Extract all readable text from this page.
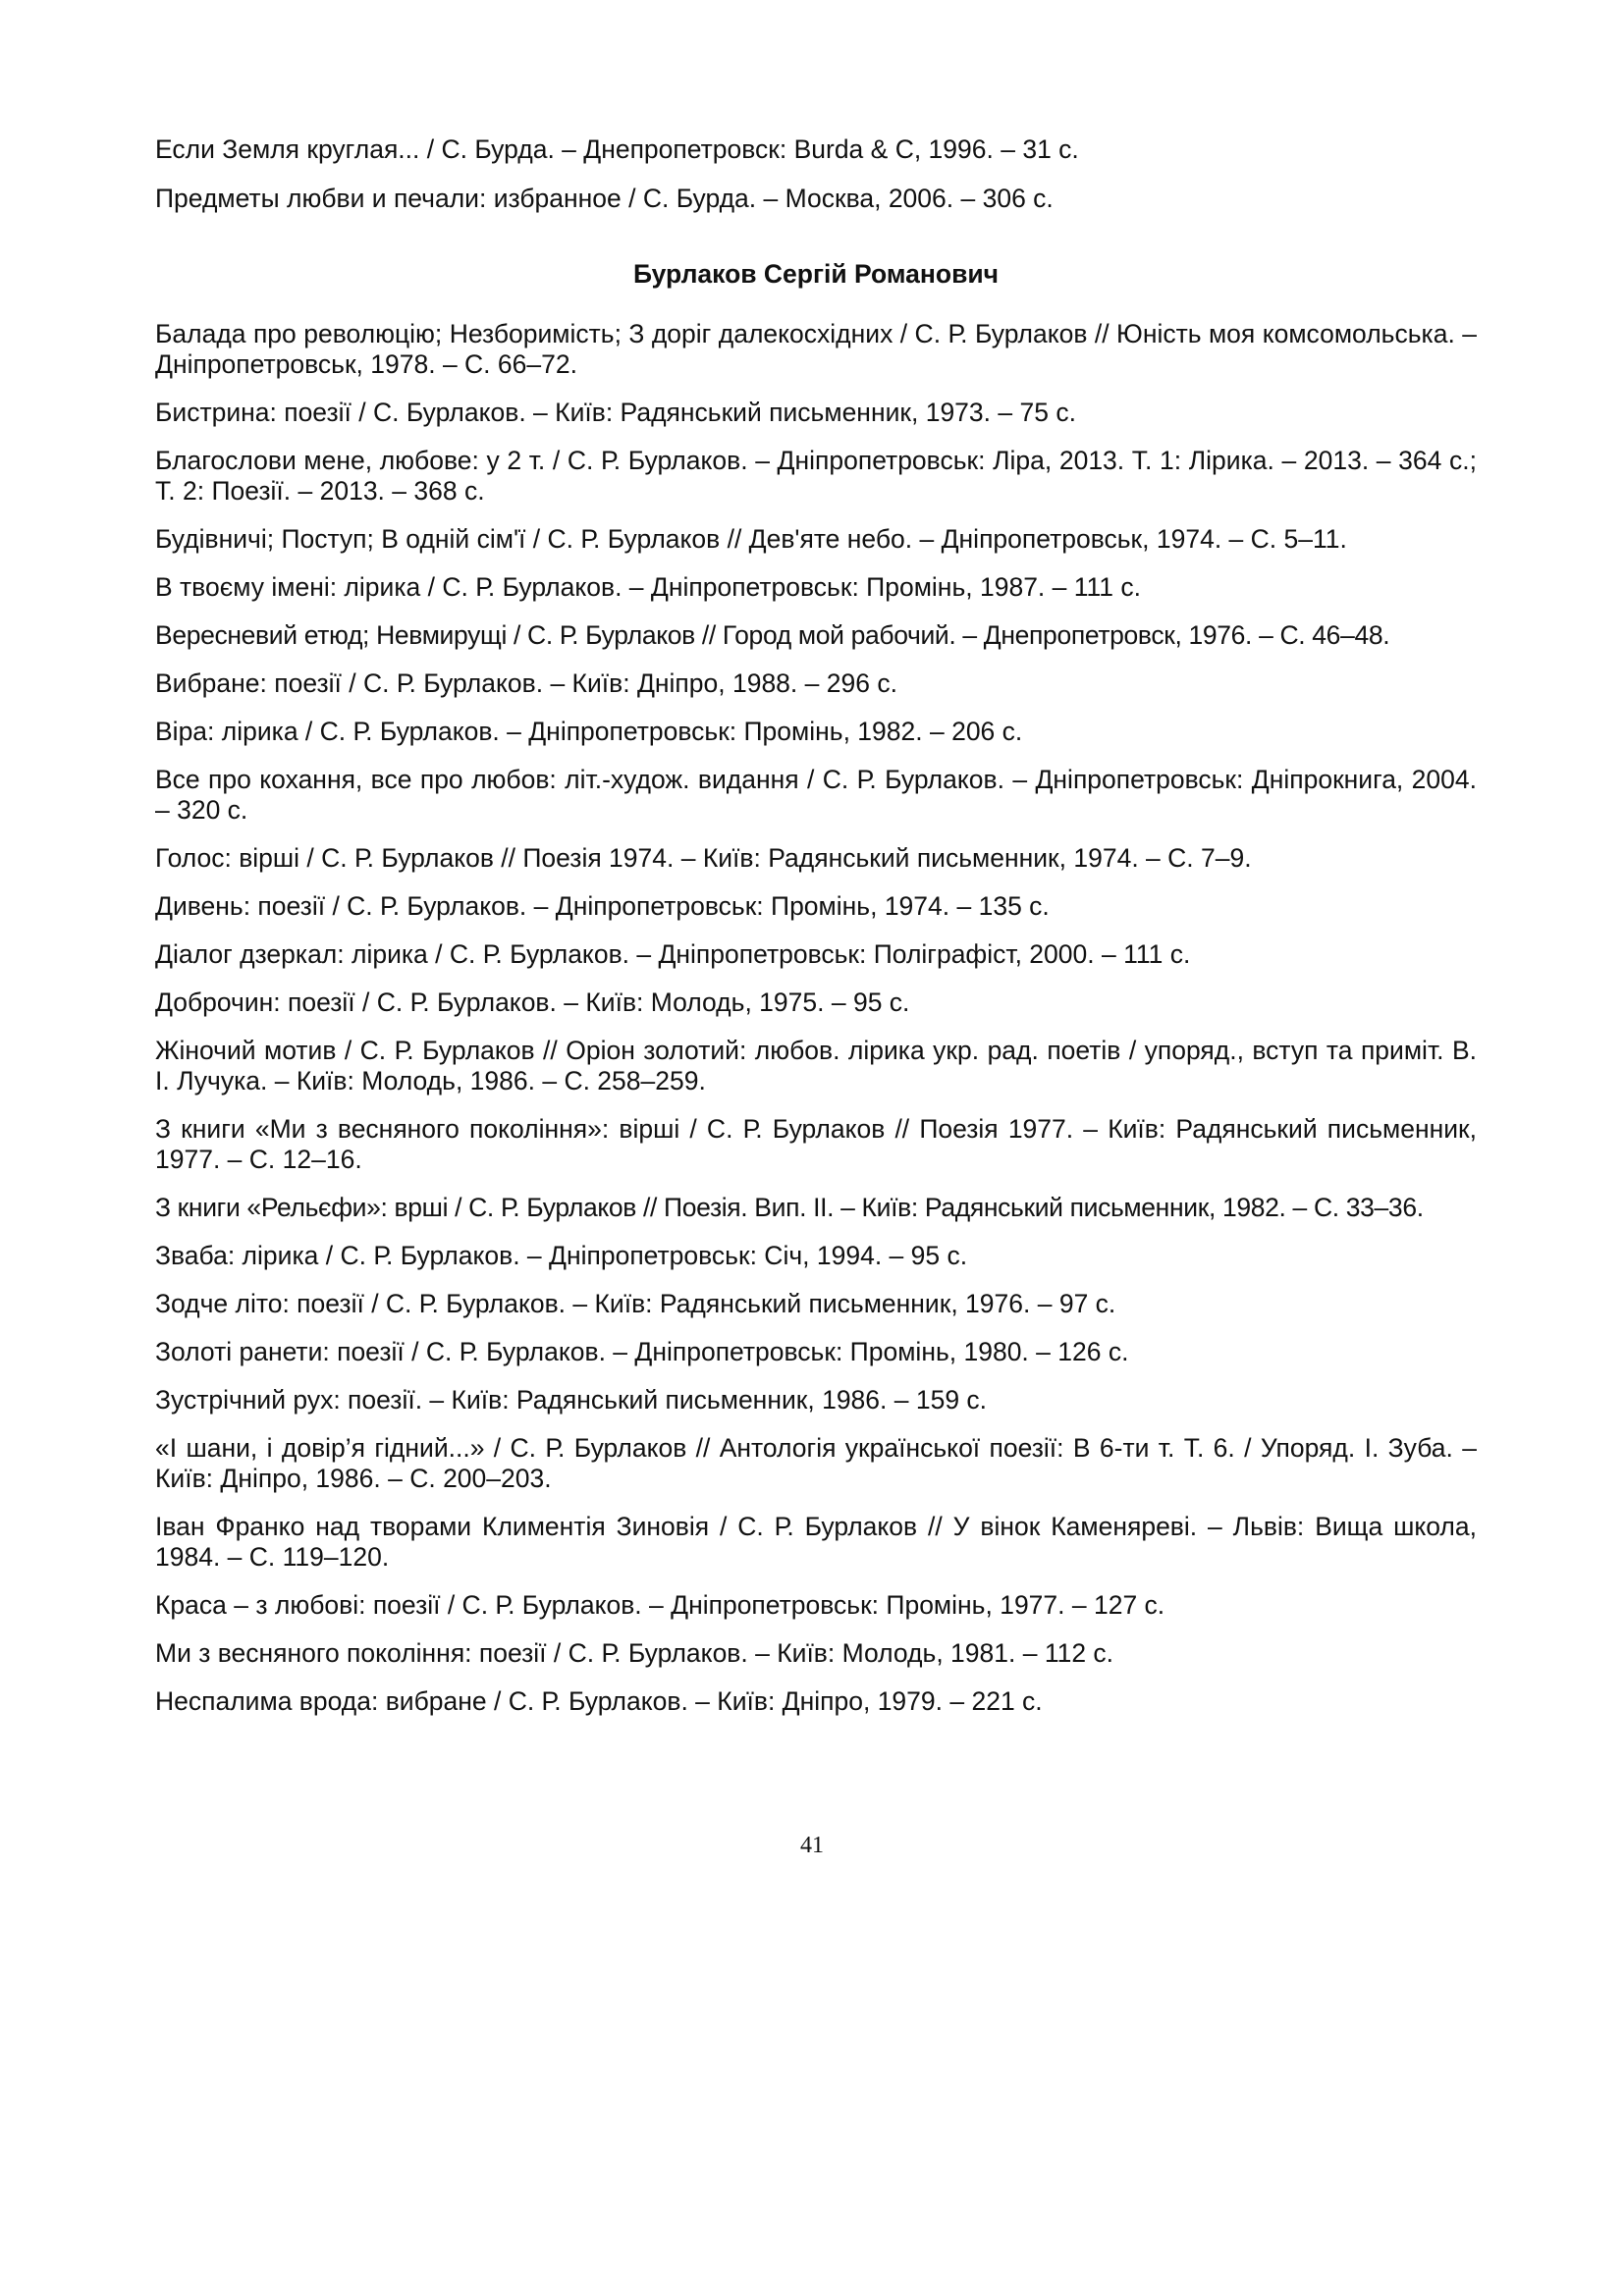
Если Земля круглая... / С. Бурда. – Днепропетровск: Burda & C, 1996. – 31 с.

Предметы любви и печали: избранное / С. Бурда. – Москва, 2006. – 306 с.

Бурлаков Сергій Романович

Балада про революцію; Незборимість; З доріг далекосхідних / С. Р. Бурлаков // Юність моя комсомольська. – Дніпропетровськ, 1978. – С. 66–72.

Бистрина: поезії / С. Бурлаков. – Київ: Радянський письменник, 1973. – 75 с.

Благослови мене, любове: у 2 т. / С. Р. Бурлаков. – Дніпропетровськ: Ліра, 2013. Т. 1: Лірика. – 2013. – 364 с.; Т. 2: Поезії. – 2013. – 368 с.

Будівничі; Поступ; В одній сім'ї / С. Р. Бурлаков // Дев'яте небо. – Дніпропетровськ, 1974. – С. 5–11.

В твоєму імені: лірика / С. Р. Бурлаков. – Дніпропетровськ: Промінь, 1987. – 111 с.

Вересневий етюд; Невмирущі / С. Р. Бурлаков // Город мой рабочий. – Днепропетровск, 1976. – С. 46–48.

Вибране: поезії / С. Р. Бурлаков. – Київ: Дніпро, 1988. – 296 с.

Віра: лірика / С. Р. Бурлаков. – Дніпропетровськ: Промінь, 1982. – 206 с.

Все про кохання, все про любов: літ.-худож. видання / С. Р. Бурлаков. – Дніпропетровськ: Дніпрокнига, 2004. – 320 с.

Голос: вірші / С. Р. Бурлаков // Поезія 1974. – Київ: Радянський письменник, 1974. – С. 7–9.

Дивень: поезії / С. Р. Бурлаков. – Дніпропетровськ: Промінь, 1974. – 135 с.

Діалог дзеркал: лірика / С. Р. Бурлаков. – Дніпропетровськ: Поліграфіст, 2000. – 111 с.

Доброчин: поезії / С. Р. Бурлаков. – Київ: Молодь, 1975. – 95 с.

Жіночий мотив / С. Р. Бурлаков // Оріон золотий: любов. лірика укр. рад. поетів / упоряд., вступ та приміт. В. І. Лучука. – Київ: Молодь, 1986. – С. 258–259.

З книги «Ми з весняного покоління»: вірші / С. Р. Бурлаков // Поезія 1977. – Київ: Радянський письменник, 1977. – С. 12–16.

З книги «Рельєфи»: врші / С. Р. Бурлаков // Поезія. Вип. ІІ. – Київ: Радянський письменник, 1982. – С. 33–36.

Зваба: лірика / С. Р. Бурлаков. – Дніпропетровськ: Січ, 1994. – 95 с.

Зодче літо: поезії / С. Р. Бурлаков. – Київ: Радянський письменник, 1976. – 97 с.

Золоті ранети: поезії / С. Р. Бурлаков. – Дніпропетровськ: Промінь, 1980. – 126 с.

Зустрічний рух: поезії. – Київ: Радянський письменник, 1986. – 159 с.

«І шани, і довір’я гідний...» / С. Р. Бурлаков // Антологія української поезії: В 6-ти т. Т. 6. / Упоряд. І. Зуба. – Київ: Дніпро, 1986. – С. 200–203.

Іван Франко над творами Климентія Зиновія / С. Р. Бурлаков // У вінок Каменяреві. – Львів: Вища школа, 1984. – С. 119–120.

Краса – з любові: поезії / С. Р. Бурлаков. – Дніпропетровськ: Промінь, 1977. – 127 с.

Ми з весняного покоління: поезії / С. Р. Бурлаков. – Київ: Молодь, 1981. – 112 с.

Неспалима врода: вибране / С. Р. Бурлаков. – Київ: Дніпро, 1979. – 221 с.

41
